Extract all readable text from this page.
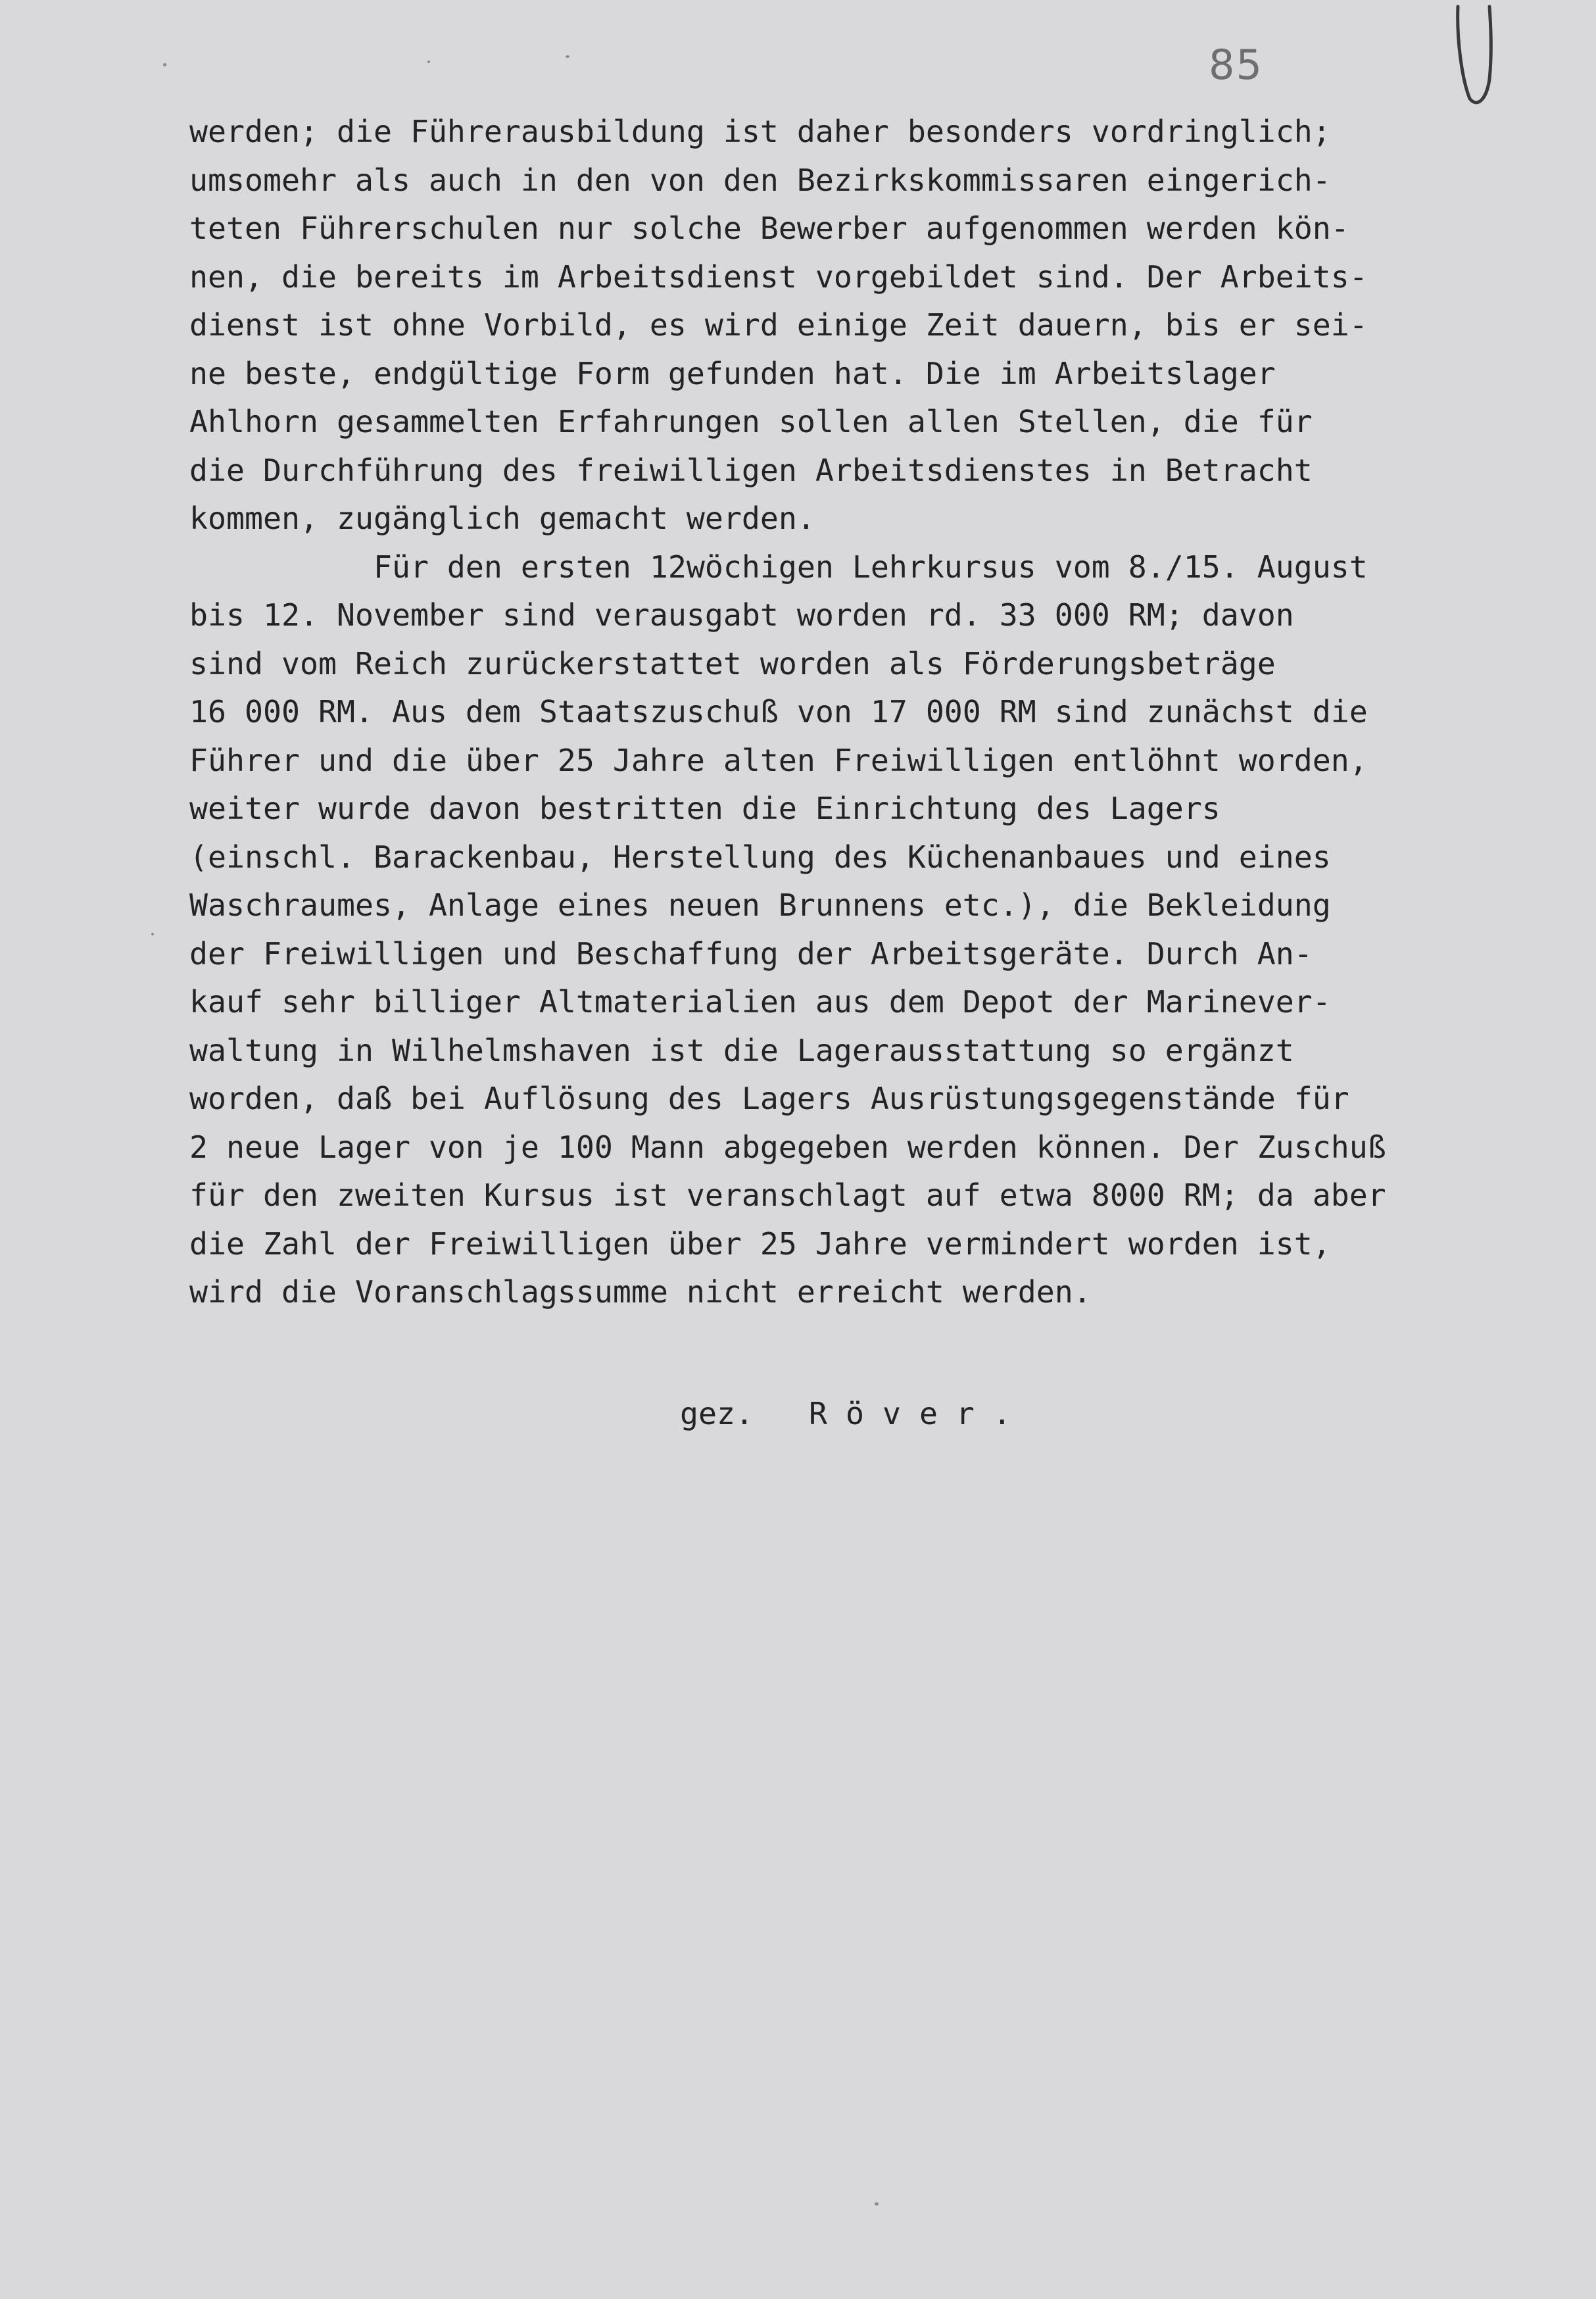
85
werden; die Führerausbildung ist daher besonders vordringlich;
umsomehr als auch in den von den Bezirkskommissaren eingerich-
teten Führerschulen nur solche Bewerber aufgenommen werden kön-
nen, die bereits im Arbeitsdienst vorgebildet sind. Der Arbeits-
dienst ist ohne Vorbild, es wird einige Zeit dauern, bis er sei-
ne beste, endgültige Form gefunden hat. Die im Arbeitslager
Ahlhorn gesammelten Erfahrungen sollen allen Stellen, die für
die Durchführung des freiwilligen Arbeitsdienstes in Betracht
kommen, zugänglich gemacht werden.
Für den ersten 12wöchigen Lehrkursus vom 8./15. August
bis 12. November sind verausgabt worden rd. 33 000 RM; davon
sind vom Reich zurückerstattet worden als Förderungsbeträge
16 000 RM. Aus dem Staatszuschuß von 17 000 RM sind zunächst die
Führer und die über 25 Jahre alten Freiwilligen entlöhnt worden,
weiter wurde davon bestritten die Einrichtung des Lagers
(einschl. Barackenbau, Herstellung des Küchenanbaues und eines
Waschraumes, Anlage eines neuen Brunnens etc.), die Bekleidung
der Freiwilligen und Beschaffung der Arbeitsgeräte. Durch An-
kauf sehr billiger Altmaterialien aus dem Depot der Marinever-
waltung in Wilhelmshaven ist die Lagerausstattung so ergänzt
worden, daß bei Auflösung des Lagers Ausrüstungsgegenstände für
2 neue Lager von je 100 Mann abgegeben werden können. Der Zuschuß
für den zweiten Kursus ist veranschlagt auf etwa 8000 RM; da aber
die Zahl der Freiwilligen über 25 Jahre vermindert worden ist,
wird die Voranschlagssumme nicht erreicht werden.
gez.   R ö v e r .
